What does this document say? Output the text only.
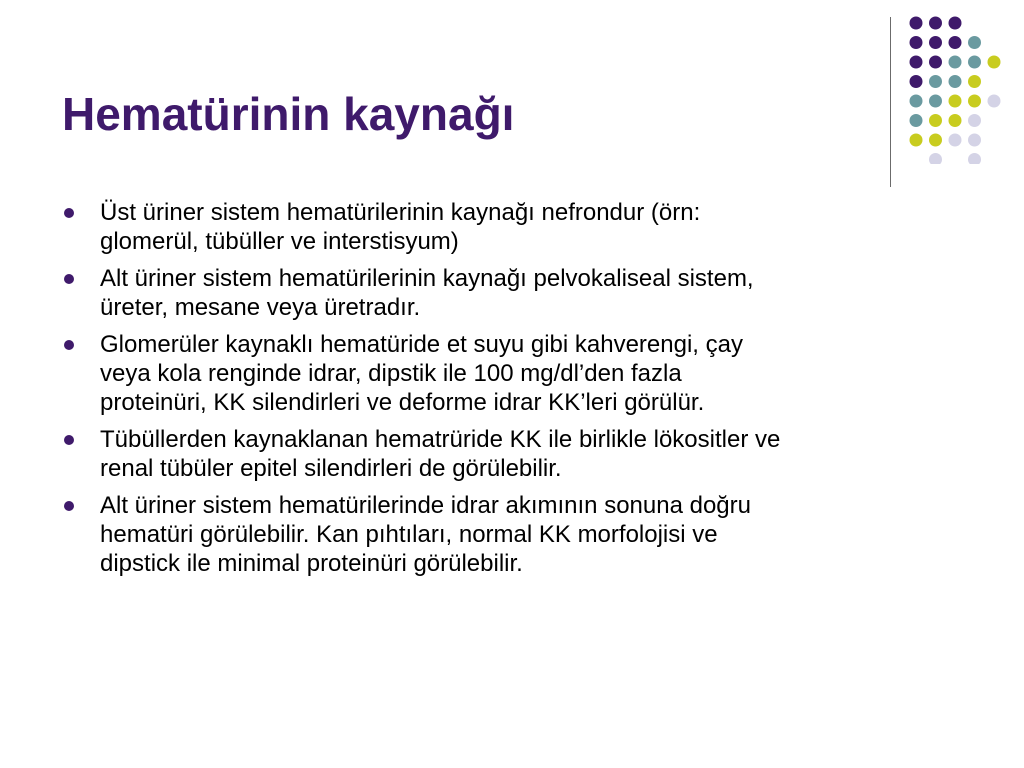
Hematürinin kaynağı
Üst üriner sistem hematürilerinin kaynağı nefrondur (örn:
glomerül, tübüller ve interstisyum)
Alt üriner sistem hematürilerinin kaynağı pelvokaliseal sistem,
üreter, mesane veya üretradır.
Glomerüler kaynaklı hematüride et suyu gibi kahverengi, çay
veya kola renginde idrar, dipstik ile 100 mg/dl’den fazla
proteinüri, KK silendirleri ve deforme idrar KK’leri görülür.
Tübüllerden kaynaklanan hematrüride KK ile birlikle lökositler ve
renal tübüler epitel silendirleri de görülebilir.
Alt üriner sistem hematürilerinde idrar akımının sonuna doğru
hematüri görülebilir. Kan pıhtıları, normal KK morfolojisi ve
dipstick ile minimal proteinüri görülebilir.
